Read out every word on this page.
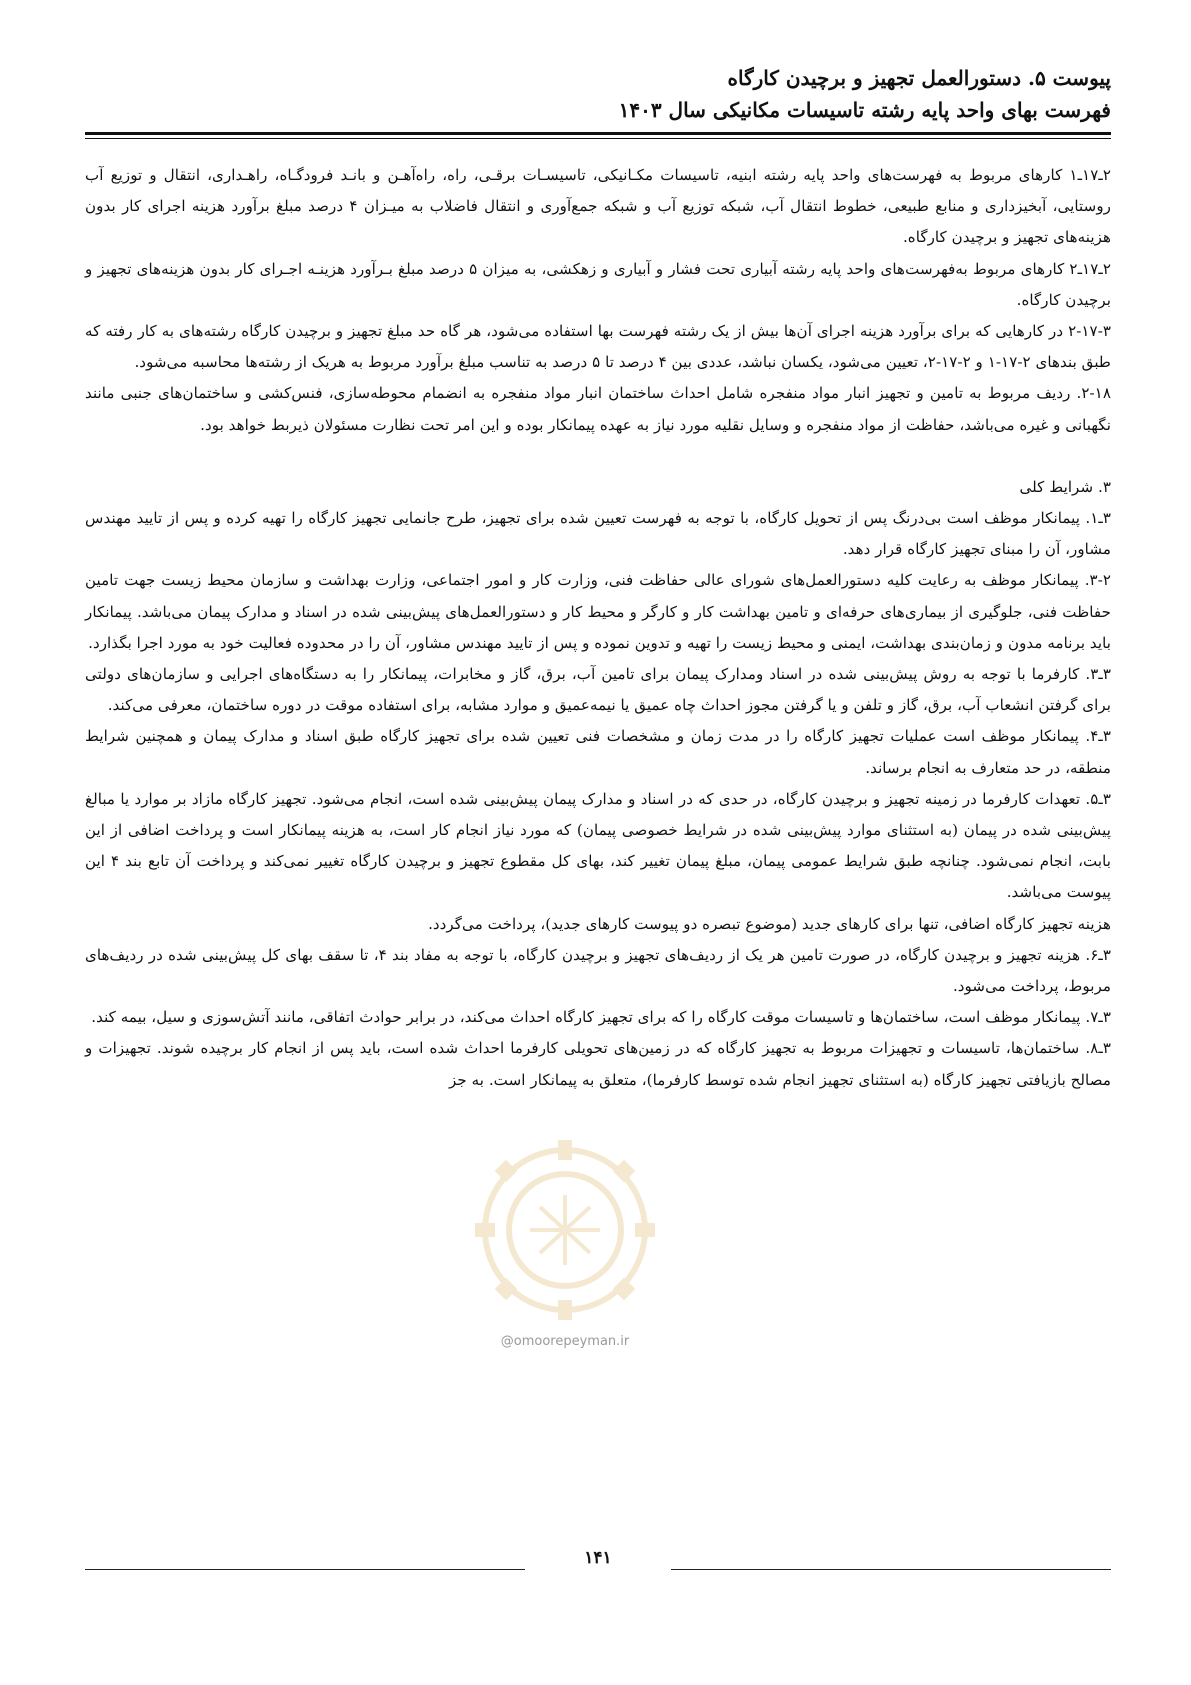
پیوست ۵. دستورالعمل تجهیز و برچیدن کارگاه
فهرست بهای واحد پایه رشته تاسیسات مکانیکی سال ۱۴۰۳

۲ـ۱۷ـ۱ کارهای مربوط به فهرست‌های واحد پایه رشته ابنیه، تاسیسات مکـانیکی، تاسیسـات برقـی، راه، راه‌آهـن و بانـد فرودگـاه، راهـداری، انتقال و توزیع آب روستایی، آبخیزداری و منابع طبیعی، خطوط انتقال آب، شبکه توزیع آب و شبکه جمع‌آوری و انتقال فاضلاب به میـزان ۴ درصد مبلغ برآورد هزینه اجرای کار بدون هزینه‌های تجهیز و برچیدن کارگاه.

۲ـ۱۷ـ۲ کارهای مربوط به‌فهرست‌های واحد پایه رشته آبیاری تحت فشار و آبیاری و زهکشی، به میزان ۵ درصد مبلغ بـرآورد هزینـه اجـرای کار بدون هزینه‌های تجهیز و برچیدن کارگاه.

۲-۱۷-۳ در کارهایی که برای برآورد هزینه اجرای آن‌ها بیش از یک رشته فهرست بها استفاده می‌شود، هر گاه حد مبلغ تجهیز و برچیدن کارگاه رشته‌های به کار رفته که طبق بندهای ۲-۱۷-۱ و ۲-۱۷-۲، تعیین می‌شود، یکسان نباشد، عددی بین ۴ درصد تا ۵ درصد به تناسب مبلغ برآورد مربوط به هریک از رشته‌ها محاسبه می‌شود.

۲-۱۸. ردیف مربوط به تامین و تجهیز انبار مواد منفجره شامل احداث ساختمان انبار مواد منفجره به انضمام محوطه‌سازی، فنس‌کشی و ساختمان‌های جنبی مانند نگهبانی و غیره می‌باشد، حفاظت از مواد منفجره و وسایل نقلیه مورد نیاز به عهده پیمانکار بوده و این امر تحت نظارت مسئولان ذیربط خواهد بود.

۳. شرایط کلی

۳ـ۱. پیمانکار موظف است بی‌درنگ پس از تحویل کارگاه، با توجه به فهرست تعیین شده برای تجهیز، طرح جانمایی تجهیز کارگاه را تهیه کرده و پس از تایید مهندس مشاور، آن را مبنای تجهیز کارگاه قرار دهد.

۳-۲. پیمانکار موظف به رعایت کلیه دستورالعمل‌های شورای عالی حفاظت فنی، وزارت کار و امور اجتماعی، وزارت بهداشت و سازمان محیط زیست جهت تامین حفاظت فنی، جلوگیری از بیماری‌های حرفه‌ای و تامین بهداشت کار و کارگر و محیط کار و دستورالعمل‌های پیش‌بینی شده در اسناد و مدارک پیمان می‌باشد. پیمانکار باید برنامه مدون و زمان‌بندی بهداشت، ایمنی و محیط زیست را تهیه و تدوین نموده و پس از تایید مهندس مشاور، آن را در محدوده فعالیت خود به مورد اجرا بگذارد.

۳ـ۳. کارفرما با توجه به روش پیش‌بینی شده در اسناد ومدارک پیمان برای تامین آب، برق، گاز و مخابرات، پیمانکار را به دستگاه‌های اجرایی و سازمان‌های دولتی برای گرفتن انشعاب آب، برق، گاز و تلفن و یا گرفتن مجوز احداث چاه عمیق یا نیمه‌عمیق و موارد مشابه، برای استفاده موقت در دوره ساختمان، معرفی می‌کند.

۳ـ۴. پیمانکار موظف است عملیات تجهیز کارگاه را در مدت زمان و مشخصات فنی تعیین شده برای تجهیز کارگاه طبق اسناد و مدارک پیمان و همچنین شرایط منطقه، در حد متعارف به انجام برساند.

۳ـ۵. تعهدات کارفرما در زمینه تجهیز و برچیدن کارگاه، در حدی که در اسناد و مدارک پیمان پیش‌بینی شده است، انجام می‌شود. تجهیز کارگاه مازاد بر موارد یا مبالغ پیش‌بینی شده در پیمان (به استثنای موارد پیش‌بینی شده در شرایط خصوصی پیمان) که مورد نیاز انجام کار است، به هزینه پیمانکار است و پرداخت اضافی از این بابت، انجام نمی‌شود. چنانچه طبق شرایط عمومی پیمان، مبلغ پیمان تغییر کند، بهای کل مقطوع تجهیز و برچیدن کارگاه تغییر نمی‌کند و پرداخت آن تابع بند ۴ این پیوست می‌باشد.

هزینه تجهیز کارگاه اضافی، تنها برای کارهای جدید (موضوع تبصره دو پیوست کارهای جدید)، پرداخت می‌گردد.

۳ـ۶. هزینه تجهیز و برچیدن کارگاه، در صورت تامین هر یک از ردیف‌های تجهیز و برچیدن کارگاه، با توجه به مفاد بند ۴، تا سقف بهای کل پیش‌بینی شده در ردیف‌های مربوط، پرداخت می‌شود.

۳ـ۷. پیمانکار موظف است، ساختمان‌ها و تاسیسات موقت کارگاه را که برای تجهیز کارگاه احداث می‌کند، در برابر حوادث اتفاقی، مانند آتش‌سوزی و سیل، بیمه کند.

۳ـ۸. ساختمان‌ها، تاسیسات و تجهیزات مربوط به تجهیز کارگاه که در زمین‌های تحویلی کارفرما احداث شده است، باید پس از انجام کار برچیده شوند. تجهیزات و مصالح بازیافتی تجهیز کارگاه (به استثنای تجهیز انجام شده توسط کارفرما)، متعلق به پیمانکار است. به جز

@omoorepeyman.ir
۱۴۱
